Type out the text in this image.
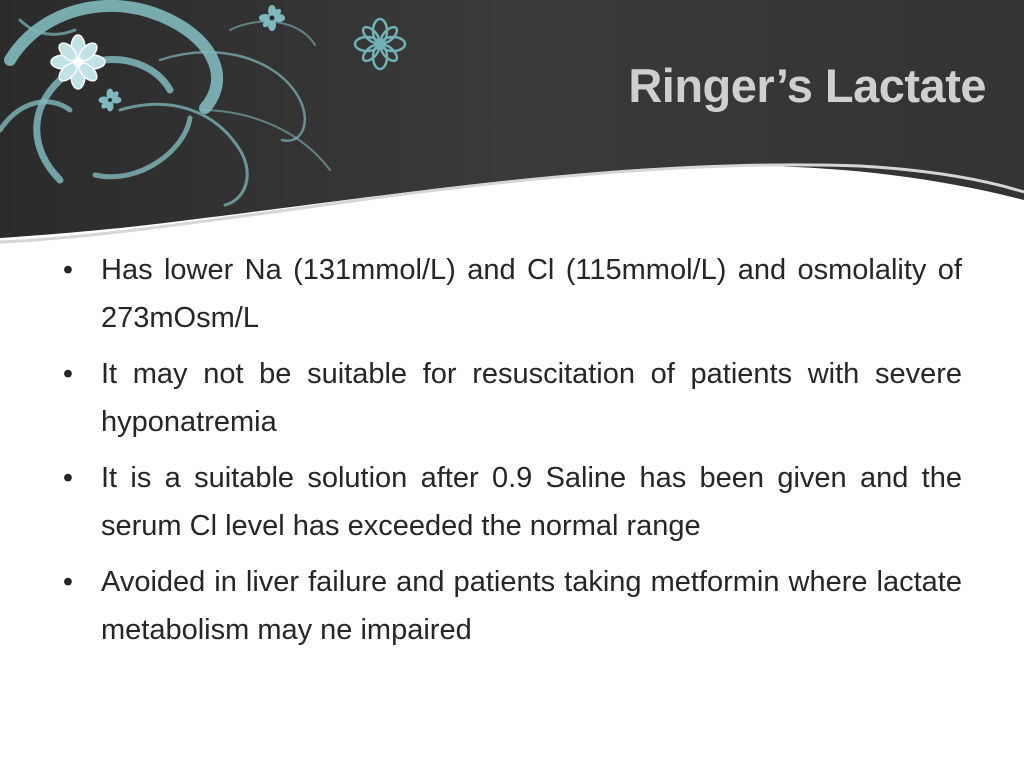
Ringer’s Lactate
• Has lower Na (131mmol/L) and Cl (115mmol/L) and osmolality of 273mOsm/L
• It may not be suitable for resuscitation of patients with severe hyponatremia
• It is a suitable solution after 0.9 Saline has been given and the serum Cl level has exceeded the normal range
• Avoided in liver failure and patients taking metformin where lactate metabolism may ne impaired
